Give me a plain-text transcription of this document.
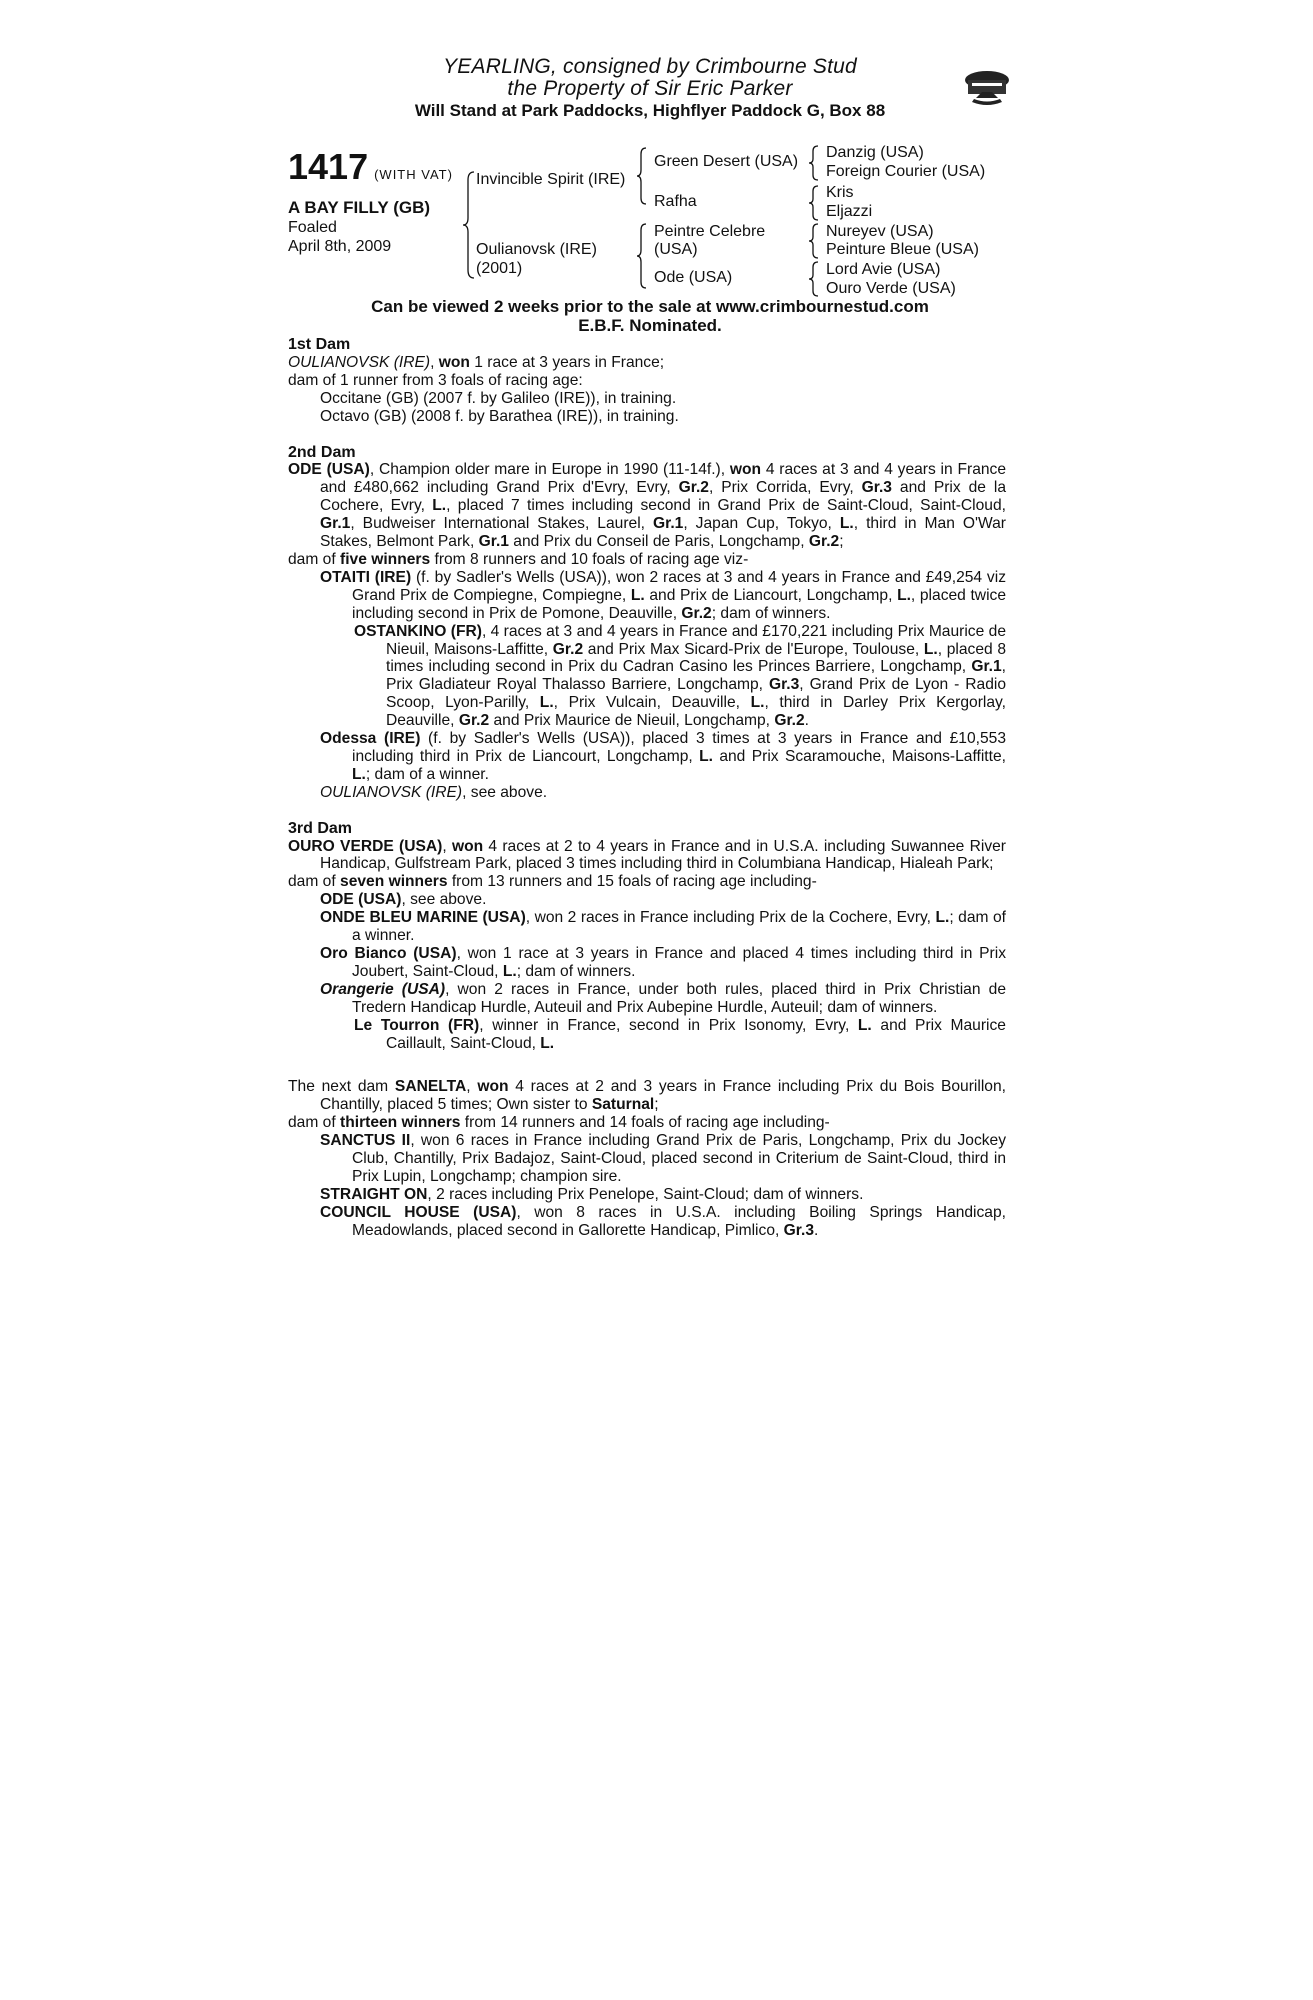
YEARLING, consigned by Crimbourne Stud
the Property of Sir Eric Parker
Will Stand at Park Paddocks, Highflyer Paddock G, Box 88
1417 (WITH VAT)
A BAY FILLY (GB)
Foaled
April 8th, 2009
Invincible Spirit (IRE)
Oulianovsk (IRE)
(2001)
Green Desert (USA)
Rafha
Peintre Celebre
(USA)
Ode (USA)
Danzig (USA)
Foreign Courier (USA)
Kris
Eljazzi
Nureyev (USA)
Peinture Bleue (USA)
Lord Avie (USA)
Ouro Verde (USA)
Can be viewed 2 weeks prior to the sale at www.crimbournestud.com
E.B.F. Nominated.
1st Dam

OULIANOVSK (IRE), won 1 race at 3 years in France;

dam of 1 runner from 3 foals of racing age:

Occitane (GB) (2007 f. by Galileo (IRE)), in training.

Octavo (GB) (2008 f. by Barathea (IRE)), in training.

2nd Dam

ODE (USA), Champion older mare in Europe in 1990 (11-14f.), won 4 races at 3 and 4 years in France and £480,662 including Grand Prix d'Evry, Evry, Gr.2, Prix Corrida, Evry, Gr.3 and Prix de la Cochere, Evry, L., placed 7 times including second in Grand Prix de Saint-Cloud, Saint-Cloud, Gr.1, Budweiser International Stakes, Laurel, Gr.1, Japan Cup, Tokyo, L., third in Man O'War Stakes, Belmont Park, Gr.1 and Prix du Conseil de Paris, Longchamp, Gr.2;

dam of five winners from 8 runners and 10 foals of racing age viz-

OTAITI (IRE) (f. by Sadler's Wells (USA)), won 2 races at 3 and 4 years in France and £49,254 viz Grand Prix de Compiegne, Compiegne, L. and Prix de Liancourt, Longchamp, L., placed twice including second in Prix de Pomone, Deauville, Gr.2; dam of winners.

OSTANKINO (FR), 4 races at 3 and 4 years in France and £170,221 including Prix Maurice de Nieuil, Maisons-Laffitte, Gr.2 and Prix Max Sicard-Prix de l'Europe, Toulouse, L., placed 8 times including second in Prix du Cadran Casino les Princes Barriere, Longchamp, Gr.1, Prix Gladiateur Royal Thalasso Barriere, Longchamp, Gr.3, Grand Prix de Lyon - Radio Scoop, Lyon-Parilly, L., Prix Vulcain, Deauville, L., third in Darley Prix Kergorlay, Deauville, Gr.2 and Prix Maurice de Nieuil, Longchamp, Gr.2.

Odessa (IRE) (f. by Sadler's Wells (USA)), placed 3 times at 3 years in France and £10,553 including third in Prix de Liancourt, Longchamp, L. and Prix Scaramouche, Maisons-Laffitte, L.; dam of a winner.

OULIANOVSK (IRE), see above.

3rd Dam

OURO VERDE (USA), won 4 races at 2 to 4 years in France and in U.S.A. including Suwannee River Handicap, Gulfstream Park, placed 3 times including third in Columbiana Handicap, Hialeah Park;

dam of seven winners from 13 runners and 15 foals of racing age including-

ODE (USA), see above.

ONDE BLEU MARINE (USA), won 2 races in France including Prix de la Cochere, Evry, L.; dam of a winner.

Oro Bianco (USA), won 1 race at 3 years in France and placed 4 times including third in Prix Joubert, Saint-Cloud, L.; dam of winners.

Orangerie (USA), won 2 races in France, under both rules, placed third in Prix Christian de Tredern Handicap Hurdle, Auteuil and Prix Aubepine Hurdle, Auteuil; dam of winners.

Le Tourron (FR), winner in France, second in Prix Isonomy, Evry, L. and Prix Maurice Caillault, Saint-Cloud, L.

The next dam SANELTA, won 4 races at 2 and 3 years in France including Prix du Bois Bourillon, Chantilly, placed 5 times; Own sister to Saturnal;

dam of thirteen winners from 14 runners and 14 foals of racing age including-

SANCTUS II, won 6 races in France including Grand Prix de Paris, Longchamp, Prix du Jockey Club, Chantilly, Prix Badajoz, Saint-Cloud, placed second in Criterium de Saint-Cloud, third in Prix Lupin, Longchamp; champion sire.

STRAIGHT ON, 2 races including Prix Penelope, Saint-Cloud; dam of winners.

COUNCIL HOUSE (USA), won 8 races in U.S.A. including Boiling Springs Handicap, Meadowlands, placed second in Gallorette Handicap, Pimlico, Gr.3.
